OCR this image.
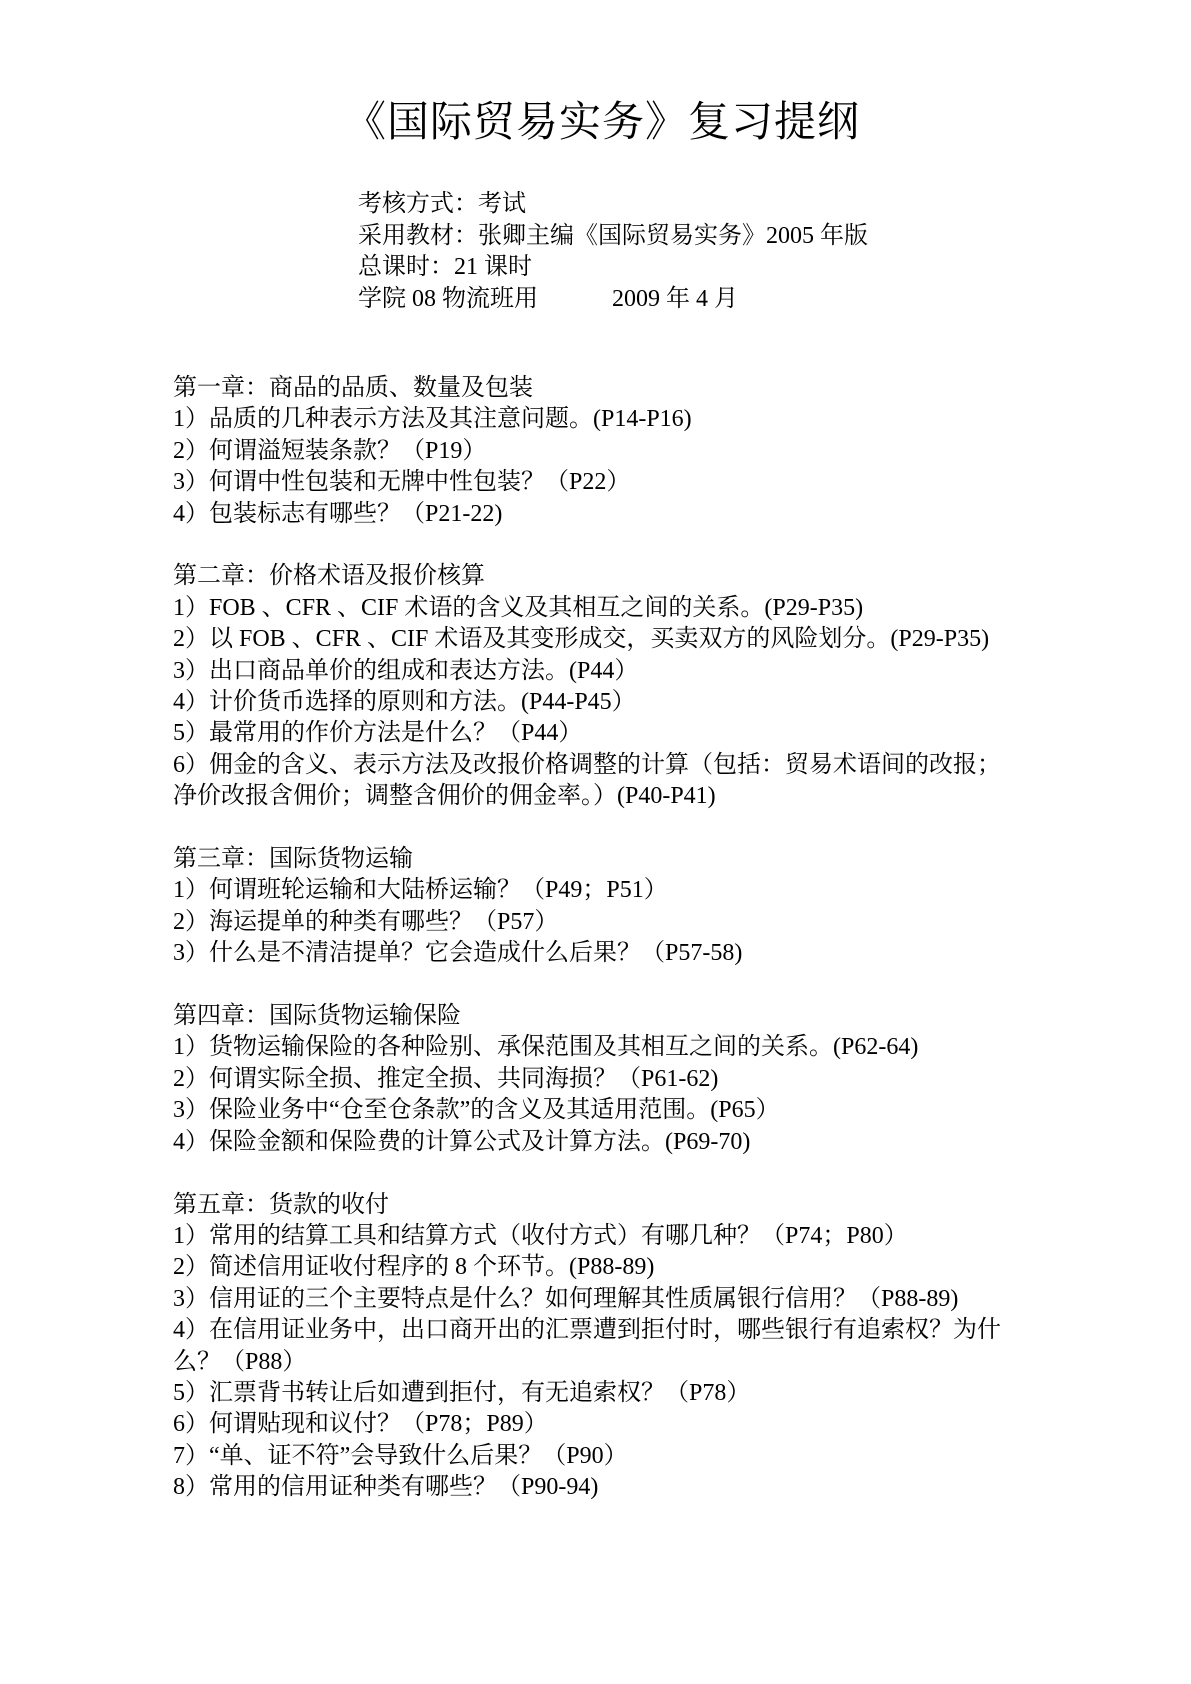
《国际贸易实务》复习提纲
考核方式：考试
采用教材：张卿主编《国际贸易实务》2005 年版
总课时：21 课时
学院 08 物流班用	2009 年 4 月
第一章：商品的品质、数量及包装
1）品质的几种表示方法及其注意问题。(P14-P16)
2）何谓溢短装条款？（P19）
3）何谓中性包装和无牌中性包装？（P22）
4）包装标志有哪些？（P21-22)
第二章：价格术语及报价核算
1）FOB 、CFR 、CIF 术语的含义及其相互之间的关系。(P29-P35)
2）以 FOB 、CFR 、CIF 术语及其变形成交，买卖双方的风险划分。(P29-P35)
3）出口商品单价的组成和表达方法。(P44）
4）计价货币选择的原则和方法。(P44-P45）
5）最常用的作价方法是什么？（P44）
6）佣金的含义、表示方法及改报价格调整的计算（包括：贸易术语间的改报；
净价改报含佣价；调整含佣价的佣金率。）(P40-P41)
第三章：国际货物运输
1）何谓班轮运输和大陆桥运输？（P49；P51）
2）海运提单的种类有哪些？（P57）
3）什么是不清洁提单？它会造成什么后果？（P57-58)
第四章：国际货物运输保险
1）货物运输保险的各种险别、承保范围及其相互之间的关系。(P62-64)
2）何谓实际全损、推定全损、共同海损？（P61-62)
3）保险业务中“仓至仓条款”的含义及其适用范围。(P65）
4）保险金额和保险费的计算公式及计算方法。(P69-70)
第五章：货款的收付
1）常用的结算工具和结算方式（收付方式）有哪几种？（P74；P80）
2）简述信用证收付程序的 8 个环节。(P88-89)
3）信用证的三个主要特点是什么？如何理解其性质属银行信用？（P88-89)
4）在信用证业务中，出口商开出的汇票遭到拒付时，哪些银行有追索权？为什
么？（P88）
5）汇票背书转让后如遭到拒付，有无追索权？（P78）
6）何谓贴现和议付？（P78；P89）
7）“单、证不符”会导致什么后果？（P90）
8）常用的信用证种类有哪些？（P90-94)
